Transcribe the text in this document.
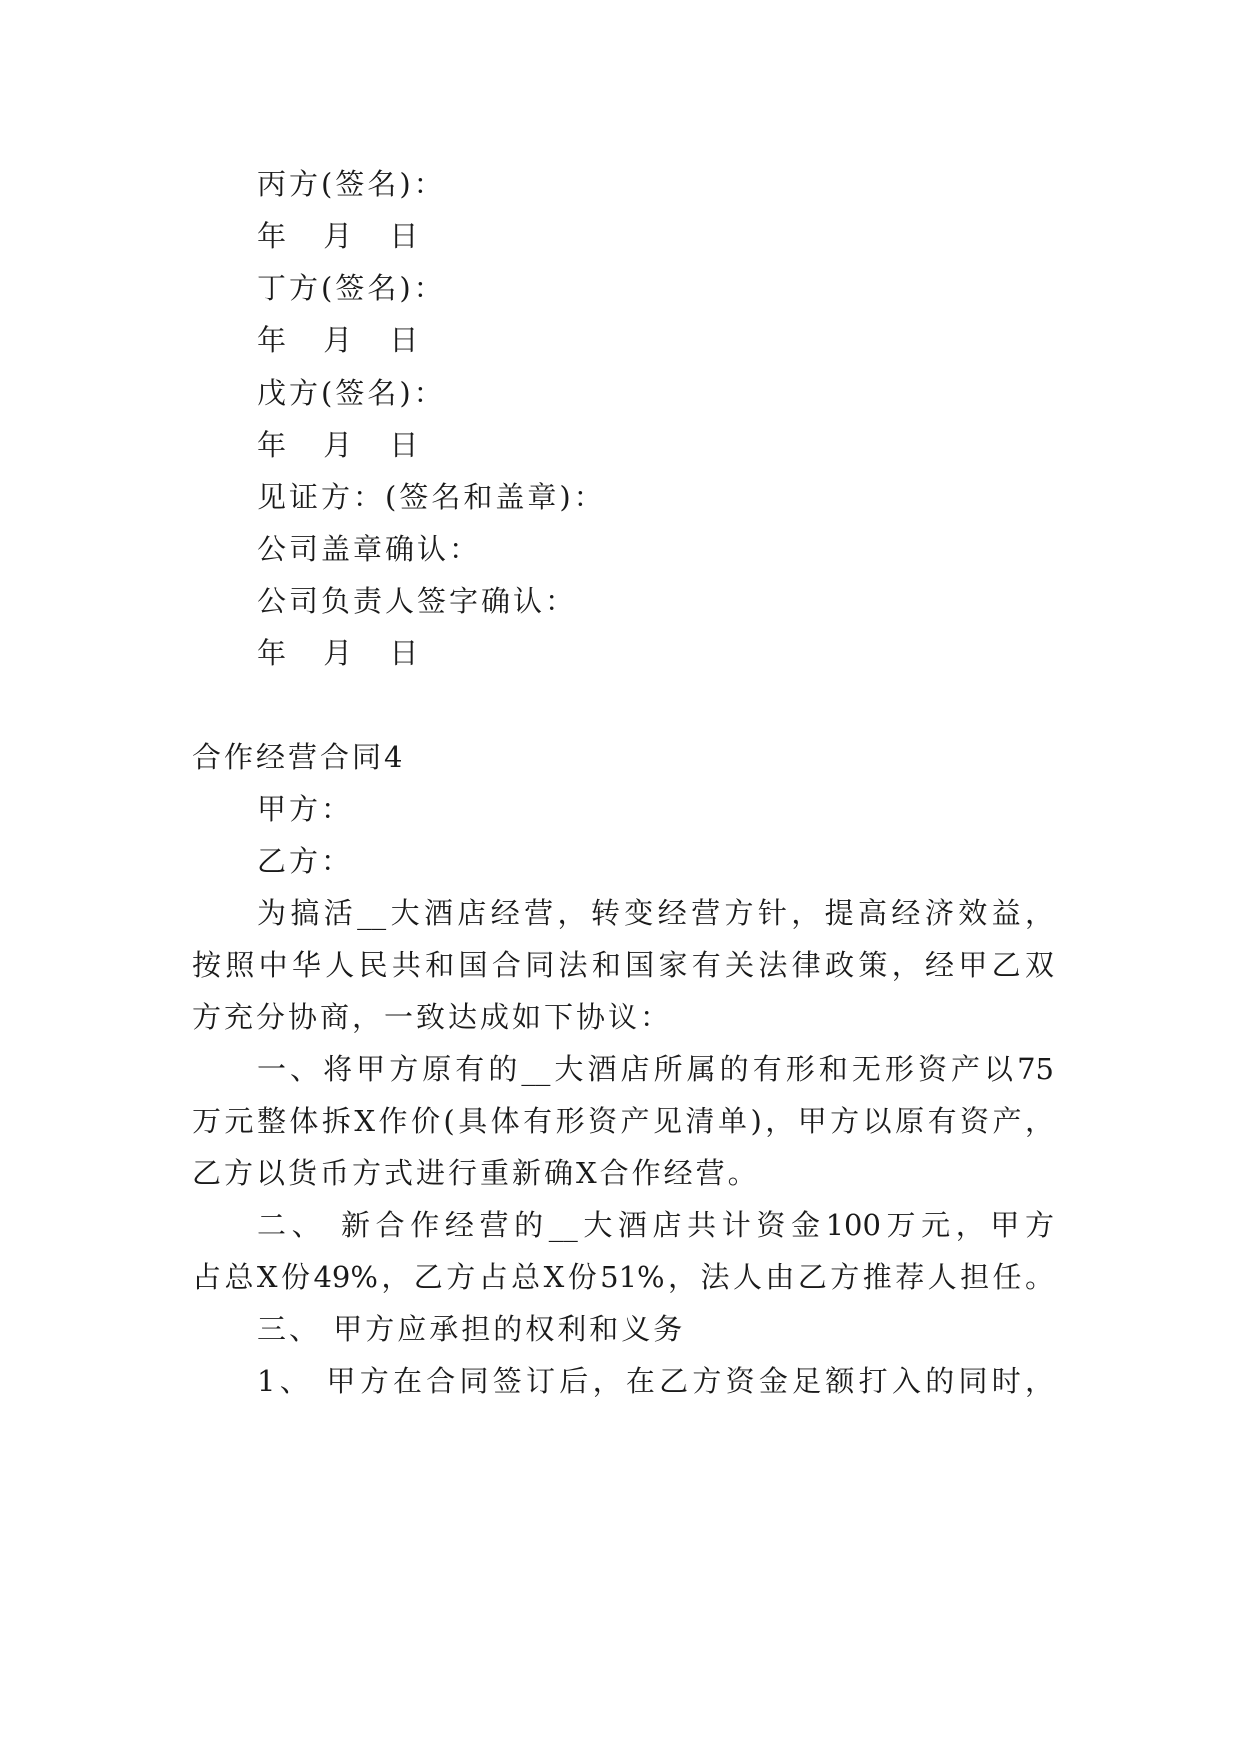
丙方(签名)：
年 月 日
丁方(签名)：
年 月 日
戊方(签名)：
年 月 日
见证方：(签名和盖章)：
公司盖章确认：
公司负责人签字确认：
年 月 日
合作经营合同4
甲方：
乙方：
为搞活__大酒店经营，转变经营方针，提高经济效益，
按照中华人民共和国合同法和国家有关法律政策，经甲乙双
方充分协商，一致达成如下协议：
一、将甲方原有的__大酒店所属的有形和无形资产以75
万元整体拆X作价(具体有形资产见清单)，甲方以原有资产，
乙方以货币方式进行重新确X合作经营。
二、 新合作经营的__大酒店共计资金100万元，甲方
占总X份49%，乙方占总X份51%，法人由乙方推荐人担任。
三、 甲方应承担的权利和义务
1、 甲方在合同签订后，在乙方资金足额打入的同时，
